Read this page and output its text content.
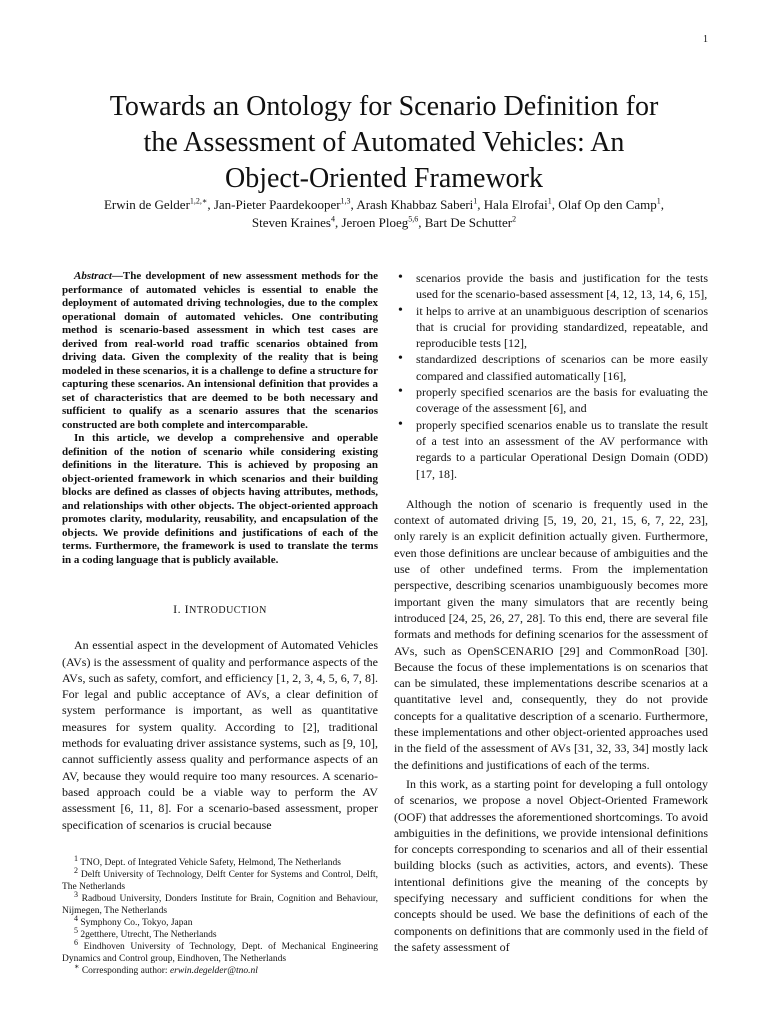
1
Towards an Ontology for Scenario Definition for
the Assessment of Automated Vehicles: An
Object-Oriented Framework
Erwin de Gelder$^{1,2,∗}$, Jan-Pieter Paardekooper$^{1,3}$, Arash Khabbaz Saberi$^1$, Hala Elrofai$^1$, Olaf Op den Camp$^1$,
Steven Kraines$^4$, Jeroen Ploeg$^{5,6}$, Bart De Schutter$^2$

Abstract—The development of new assessment methods for the performance of automated vehicles is essential to enable the deployment of automated driving technologies, due to the complex operational domain of automated vehicles. One contributing method is scenario-based assessment in which test cases are derived from real-world road traffic scenarios obtained from driving data. Given the complexity of the reality that is being modeled in these scenarios, it is a challenge to define a structure for capturing these scenarios. An intensional definition that provides a set of characteristics that are deemed to be both necessary and sufficient to qualify as a scenario assures that the scenarios constructed are both complete and intercomparable.

In this article, we develop a comprehensive and operable definition of the notion of scenario while considering existing definitions in the literature. This is achieved by proposing an object-oriented framework in which scenarios and their building blocks are defined as classes of objects having attributes, methods, and relationships with other objects. The object-oriented approach promotes clarity, modularity, reusability, and encapsulation of the objects. We provide definitions and justifications of each of the terms. Furthermore, the framework is used to translate the terms in a coding language that is publicly available.

I. INTRODUCTION

An essential aspect in the development of Automated Vehicles (AVs) is the assessment of quality and performance aspects of the AVs, such as safety, comfort, and efficiency [1, 2, 3, 4, 5, 6, 7, 8]. For legal and public acceptance of AVs, a clear definition of system performance is important, as well as quantitative measures for system quality. According to [2], traditional methods for evaluating driver assistance systems, such as [9, 10], cannot sufficiently assess quality and performance aspects of an AV, because they would require too many resources. A scenario-based approach could be a viable way to perform the AV assessment [6, 11, 8]. For a scenario-based assessment, proper specification of scenarios is crucial because

$^1$ TNO, Dept. of Integrated Vehicle Safety, Helmond, The Netherlands

$^2$ Delft University of Technology, Delft Center for Systems and Control, Delft, The Netherlands

$^3$ Radboud University, Donders Institute for Brain, Cognition and Behaviour, Nijmegen, The Netherlands

$^4$ Symphony Co., Tokyo, Japan

$^5$ 2getthere, Utrecht, The Netherlands

$^6$ Eindhoven University of Technology, Dept. of Mechanical Engineering Dynamics and Control group, Eindhoven, The Netherlands

∗ Corresponding author: erwin.degelder@tno.nl

• scenarios provide the basis and justification for the tests used for the scenario-based assessment [4, 12, 13, 14, 6, 15],
• it helps to arrive at an unambiguous description of scenarios that is crucial for providing standardized, repeatable, and reproducible tests [12],
• standardized descriptions of scenarios can be more easily compared and classified automatically [16],
• properly specified scenarios are the basis for evaluating the coverage of the assessment [6], and
• properly specified scenarios enable us to translate the result of a test into an assessment of the AV performance with regards to a particular Operational Design Domain (ODD) [17, 18].

Although the notion of scenario is frequently used in the context of automated driving [5, 19, 20, 21, 15, 6, 7, 22, 23], only rarely is an explicit definition actually given. Furthermore, even those definitions are unclear because of ambiguities and the use of other undefined terms. From the implementation perspective, describing scenarios unambiguously becomes more important given the many simulators that are recently being introduced [24, 25, 26, 27, 28]. To this end, there are several file formats and methods for defining scenarios for the assessment of AVs, such as OpenSCENARIO [29] and CommonRoad [30]. Because the focus of these implementations is on scenarios that can be simulated, these implementations describe scenarios at a quantitative level and, consequently, they do not provide concepts for a qualitative description of a scenario. Furthermore, these implementations and other object-oriented approaches used in the field of the assessment of AVs [31, 32, 33, 34] mostly lack the definitions and justifications of each of the terms.

In this work, as a starting point for developing a full ontology of scenarios, we propose a novel Object-Oriented Framework (OOF) that addresses the aforementioned shortcomings. To avoid ambiguities in the definitions, we provide intensional definitions for concepts corresponding to scenarios and all of their essential building blocks (such as activities, actors, and events). These intentional definitions give the meaning of the concepts by specifying necessary and sufficient conditions for when the concepts should be used. We base the definitions of each of the components on definitions that are commonly used in the field of the safety assessment of
